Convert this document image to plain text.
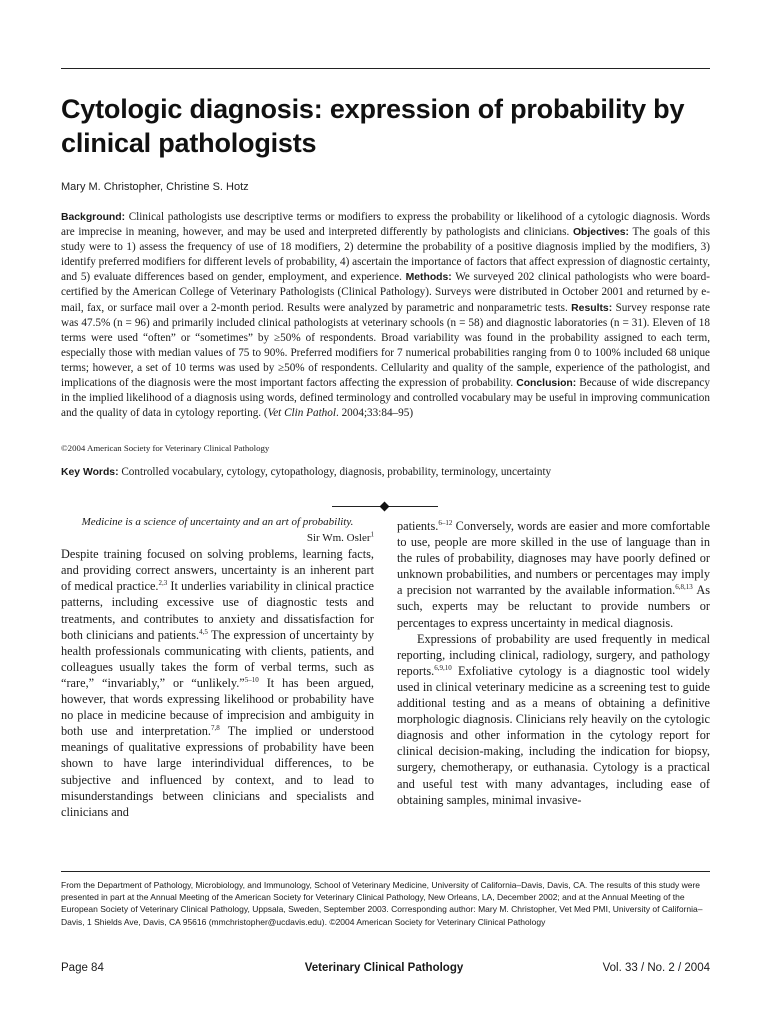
Cytologic diagnosis: expression of probability by clinical pathologists
Mary M. Christopher, Christine S. Hotz

Background: Clinical pathologists use descriptive terms or modifiers to express the probability or likelihood of a cytologic diagnosis. Words are imprecise in meaning, however, and may be used and interpreted differently by pathologists and clinicians. Objectives: The goals of this study were to 1) assess the frequency of use of 18 modifiers, 2) determine the probability of a positive diagnosis implied by the modifiers, 3) identify preferred modifiers for different levels of probability, 4) ascertain the importance of factors that affect expression of diagnostic certainty, and 5) evaluate differences based on gender, employment, and experience. Methods: We surveyed 202 clinical pathologists who were board-certified by the American College of Veterinary Pathologists (Clinical Pathology). Surveys were distributed in October 2001 and returned by e-mail, fax, or surface mail over a 2-month period. Results were analyzed by parametric and nonparametric tests. Results: Survey response rate was 47.5% (n = 96) and primarily included clinical pathologists at veterinary schools (n = 58) and diagnostic laboratories (n = 31). Eleven of 18 terms were used “often” or “sometimes” by ≥50% of respondents. Broad variability was found in the probability assigned to each term, especially those with median values of 75 to 90%. Preferred modifiers for 7 numerical probabilities ranging from 0 to 100% included 68 unique terms; however, a set of 10 terms was used by ≥50% of respondents. Cellularity and quality of the sample, experience of the pathologist, and implications of the diagnosis were the most important factors affecting the expression of probability. Conclusion: Because of wide discrepancy in the implied likelihood of a diagnosis using words, defined terminology and controlled vocabulary may be useful in improving communication and the quality of data in cytology reporting. (Vet Clin Pathol. 2004;33:84–95)

©2004 American Society for Veterinary Clinical Pathology

Key Words: Controlled vocabulary, cytology, cytopathology, diagnosis, probability, terminology, uncertainty

Medicine is a science of uncertainty and an art of probability.

Sir Wm. Osler$^1$

Despite training focused on solving problems, learning facts, and providing correct answers, uncertainty is an inherent part of medical practice.$^{2,3}$ It underlies variability in clinical practice patterns, including excessive use of diagnostic tests and treatments, and contributes to anxiety and dissatisfaction for both clinicians and patients.$^{4,5}$ The expression of uncertainty by health professionals communicating with clients, patients, and colleagues usually takes the form of verbal terms, such as “rare,” “invariably,” or “unlikely.”$^{5-10}$ It has been argued, however, that words expressing likelihood or probability have no place in medicine because of imprecision and ambiguity in both use and interpretation.$^{7,8}$ The implied or understood meanings of qualitative expressions of probability have been shown to have large interindividual differences, to be subjective and influenced by context, and to lead to misunderstandings between clinicians and specialists and clinicians and

patients.$^{6-12}$ Conversely, words are easier and more comfortable to use, people are more skilled in the use of language than in the rules of probability, diagnoses may have poorly defined or unknown probabilities, and numbers or percentages may imply a precision not warranted by the available information.$^{6,8,13}$ As such, experts may be reluctant to provide numbers or percentages to express uncertainty in medical diagnosis.

Expressions of probability are used frequently in medical reporting, including clinical, radiology, surgery, and pathology reports.$^{6,9,10}$ Exfoliative cytology is a diagnostic tool widely used in clinical veterinary medicine as a screening test to guide additional testing and as a means of obtaining a definitive morphologic diagnosis. Clinicians rely heavily on the cytologic diagnosis and other information in the cytology report for clinical decision-making, including the indication for biopsy, surgery, chemotherapy, or euthanasia. Cytology is a practical and useful test with many advantages, including ease of obtaining samples, minimal invasive-

From the Department of Pathology, Microbiology, and Immunology, School of Veterinary Medicine, University of California–Davis, Davis, CA. The results of this study were presented in part at the Annual Meeting of the American Society for Veterinary Clinical Pathology, New Orleans, LA, December 2002; and at the Annual Meeting of the European Society of Veterinary Clinical Pathology, Uppsala, Sweden, September 2003. Corresponding author: Mary M. Christopher, Vet Med PMI, University of California–Davis, 1 Shields Ave, Davis, CA 95616 (mmchristopher@ucdavis.edu). ©2004 American Society for Veterinary Clinical Pathology

Page 84	Veterinary Clinical Pathology	Vol. 33 / No. 2 / 2004
